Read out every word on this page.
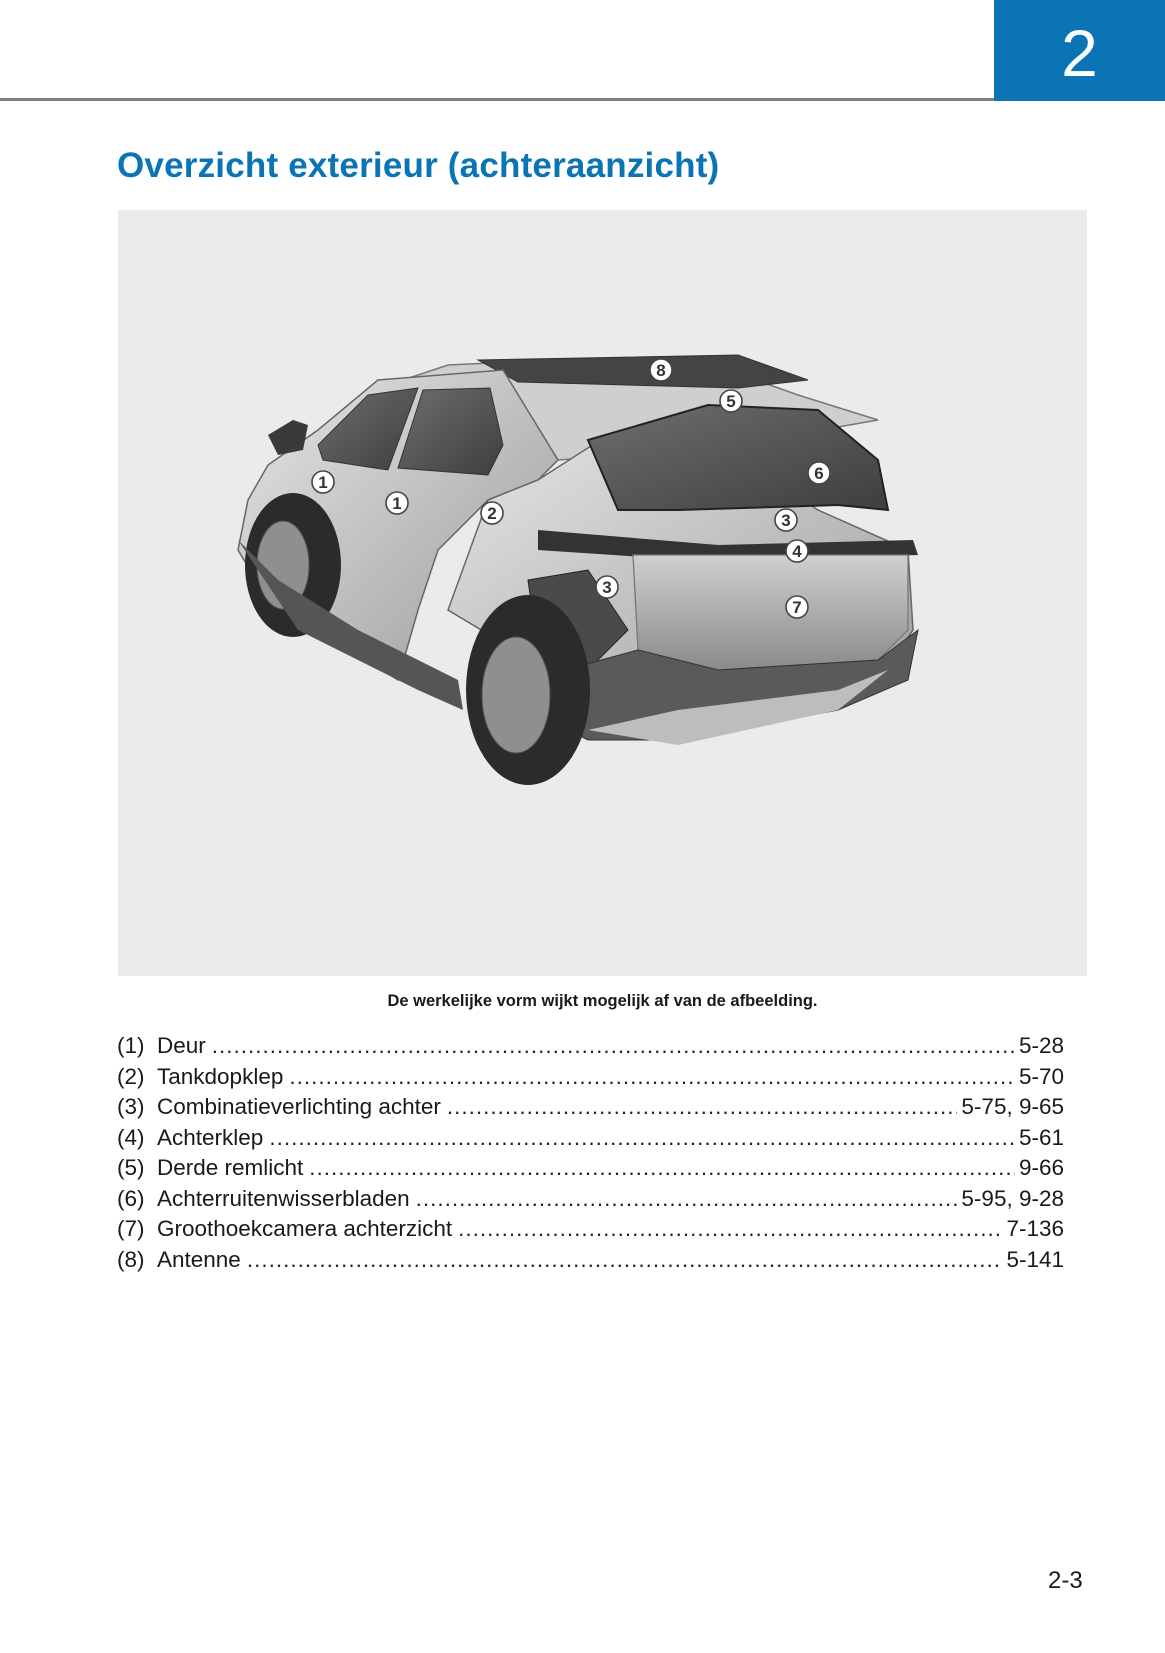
2
Overzicht exterieur (achteraanzicht)
1
1
2
3
3
4
5
6
7
8

De werkelijke vorm wijkt mogelijk af van de afbeelding.

(1) Deur .....	5-28
(2) Tankdopklep .....	5-70
(3) Combinatieverlichting achter .....	5-75, 9-65
(4) Achterklep .....	5-61
(5) Derde remlicht .....	9-66
(6) Achterruitenwisserbladen .....	5-95, 9-28
(7) Groothoekcamera achterzicht .....	7-136
(8) Antenne .....	5-141
2-3
